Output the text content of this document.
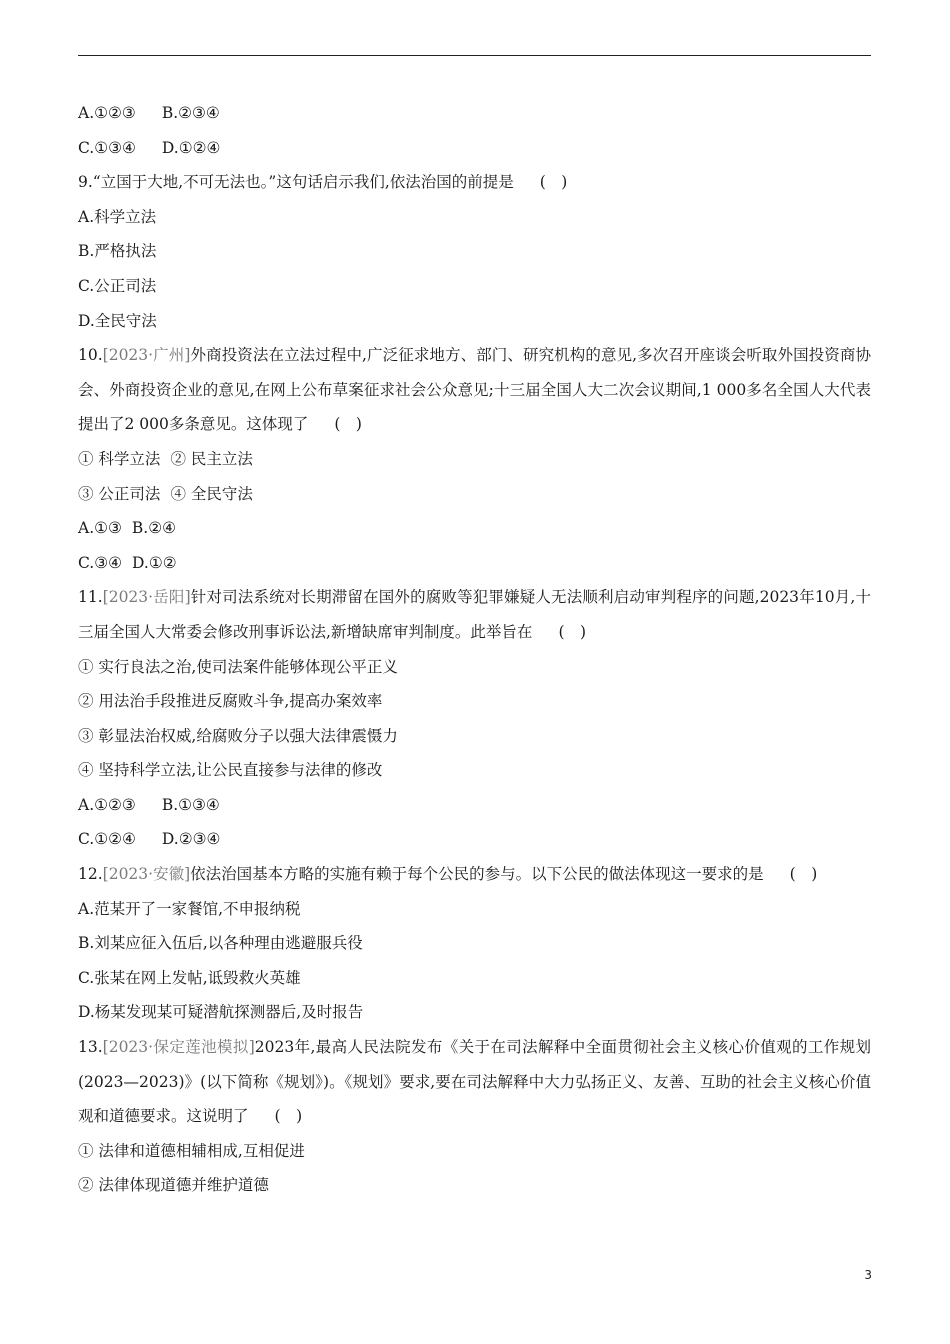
A.①②③ B.②③④
C.①③④ D.①②④
9.“立国于大地,不可无法也。”这句话启示我们,依法治国的前提是 (　)
A.科学立法
B.严格执法
C.公正司法
D.全民守法
10.[2023·广州]外商投资法在立法过程中,广泛征求地方、部门、研究机构的意见,多次召开座谈会听取外国投资商协会、外商投资企业的意见,在网上公布草案征求社会公众意见;十三届全国人大二次会议期间,1 000多名全国人大代表提出了2 000多条意见。这体现了 (　)
① 科学立法 ② 民主立法
③ 公正司法 ④ 全民守法
A.①③ B.②④
C.③④ D.①②
11.[2023·岳阳]针对司法系统对长期滞留在国外的腐败等犯罪嫌疑人无法顺利启动审判程序的问题,2023年10月,十三届全国人大常委会修改刑事诉讼法,新增缺席审判制度。此举旨在 (　)
① 实行良法之治,使司法案件能够体现公平正义
② 用法治手段推进反腐败斗争,提高办案效率
③ 彰显法治权威,给腐败分子以强大法律震慑力
④ 坚持科学立法,让公民直接参与法律的修改
A.①②③ B.①③④
C.①②④ D.②③④
12.[2023·安徽]依法治国基本方略的实施有赖于每个公民的参与。以下公民的做法体现这一要求的是 (　)
A.范某开了一家餐馆,不申报纳税
B.刘某应征入伍后,以各种理由逃避服兵役
C.张某在网上发帖,诋毁救火英雄
D.杨某发现某可疑潜航探测器后,及时报告
13.[2023·保定莲池模拟]2023年,最高人民法院发布《关于在司法解释中全面贯彻社会主义核心价值观的工作规划(2023—2023)》(以下简称《规划》)。《规划》要求,要在司法解释中大力弘扬正义、友善、互助的社会主义核心价值观和道德要求。这说明了 (　)
① 法律和道德相辅相成,互相促进
② 法律体现道德并维护道德
3
